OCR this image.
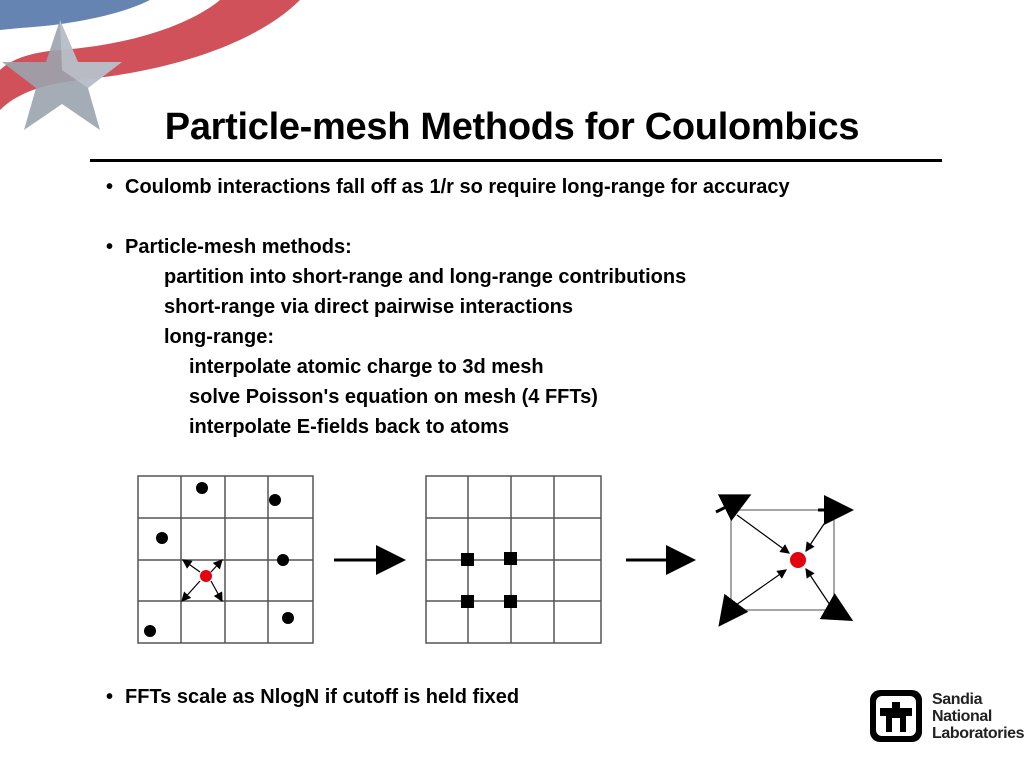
Particle-mesh Methods for Coulombics
• Coulomb interactions fall off as 1/r so require long-range for accuracy
• Particle-mesh methods:
partition into short-range and long-range contributions
short-range via direct pairwise interactions
long-range:
interpolate atomic charge to 3d mesh
solve Poisson's equation on mesh (4 FFTs)
interpolate E-fields back to atoms
• FFTs scale as NlogN if cutoff is held fixed	Sandia
National
Laboratories
